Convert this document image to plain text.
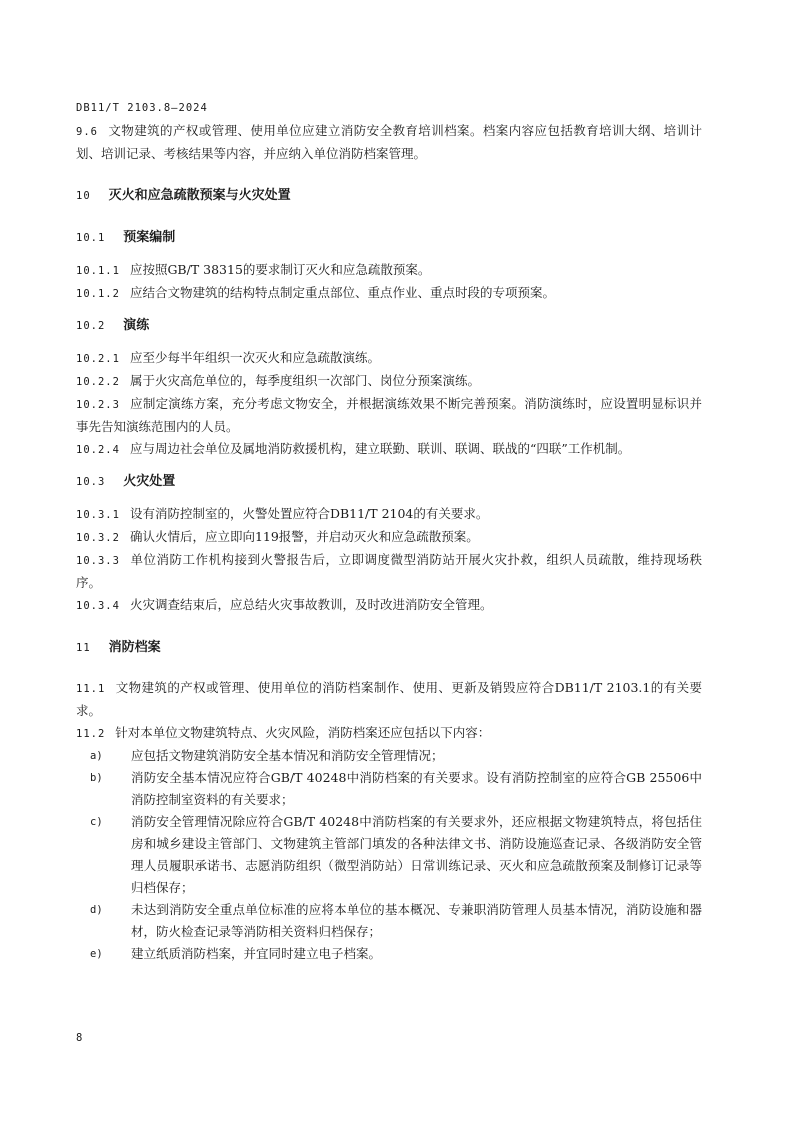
DB11/T 2103.8—2024

9.6 文物建筑的产权或管理、使用单位应建立消防安全教育培训档案。档案内容应包括教育培训大纲、培训计划、培训记录、考核结果等内容，并应纳入单位消防档案管理。

10 灭火和应急疏散预案与火灾处置

10.1 预案编制

10.1.1 应按照GB/T 38315的要求制订灭火和应急疏散预案。

10.1.2 应结合文物建筑的结构特点制定重点部位、重点作业、重点时段的专项预案。

10.2 演练

10.2.1 应至少每半年组织一次灭火和应急疏散演练。

10.2.2 属于火灾高危单位的，每季度组织一次部门、岗位分预案演练。

10.2.3 应制定演练方案，充分考虑文物安全，并根据演练效果不断完善预案。消防演练时，应设置明显标识并事先告知演练范围内的人员。

10.2.4 应与周边社会单位及属地消防救援机构，建立联勤、联训、联调、联战的“四联”工作机制。

10.3 火灾处置

10.3.1 设有消防控制室的，火警处置应符合DB11/T 2104的有关要求。

10.3.2 确认火情后，应立即向119报警，并启动灭火和应急疏散预案。

10.3.3 单位消防工作机构接到火警报告后，立即调度微型消防站开展火灾扑救，组织人员疏散，维持现场秩序。

10.3.4 火灾调查结束后，应总结火灾事故教训，及时改进消防安全管理。

11 消防档案

11.1 文物建筑的产权或管理、使用单位的消防档案制作、使用、更新及销毁应符合DB11/T 2103.1的有关要求。

11.2 针对本单位文物建筑特点、火灾风险，消防档案还应包括以下内容：

a) 应包括文物建筑消防安全基本情况和消防安全管理情况；
b) 消防安全基本情况应符合GB/T 40248中消防档案的有关要求。设有消防控制室的应符合GB 25506中消防控制室资料的有关要求；
c) 消防安全管理情况除应符合GB/T 40248中消防档案的有关要求外，还应根据文物建筑特点，将包括住房和城乡建设主管部门、文物建筑主管部门填发的各种法律文书、消防设施巡查记录、各级消防安全管理人员履职承诺书、志愿消防组织（微型消防站）日常训练记录、灭火和应急疏散预案及制修订记录等归档保存；
d) 未达到消防安全重点单位标准的应将本单位的基本概况、专兼职消防管理人员基本情况，消防设施和器材，防火检查记录等消防相关资料归档保存；
e) 建立纸质消防档案，并宜同时建立电子档案。
8
